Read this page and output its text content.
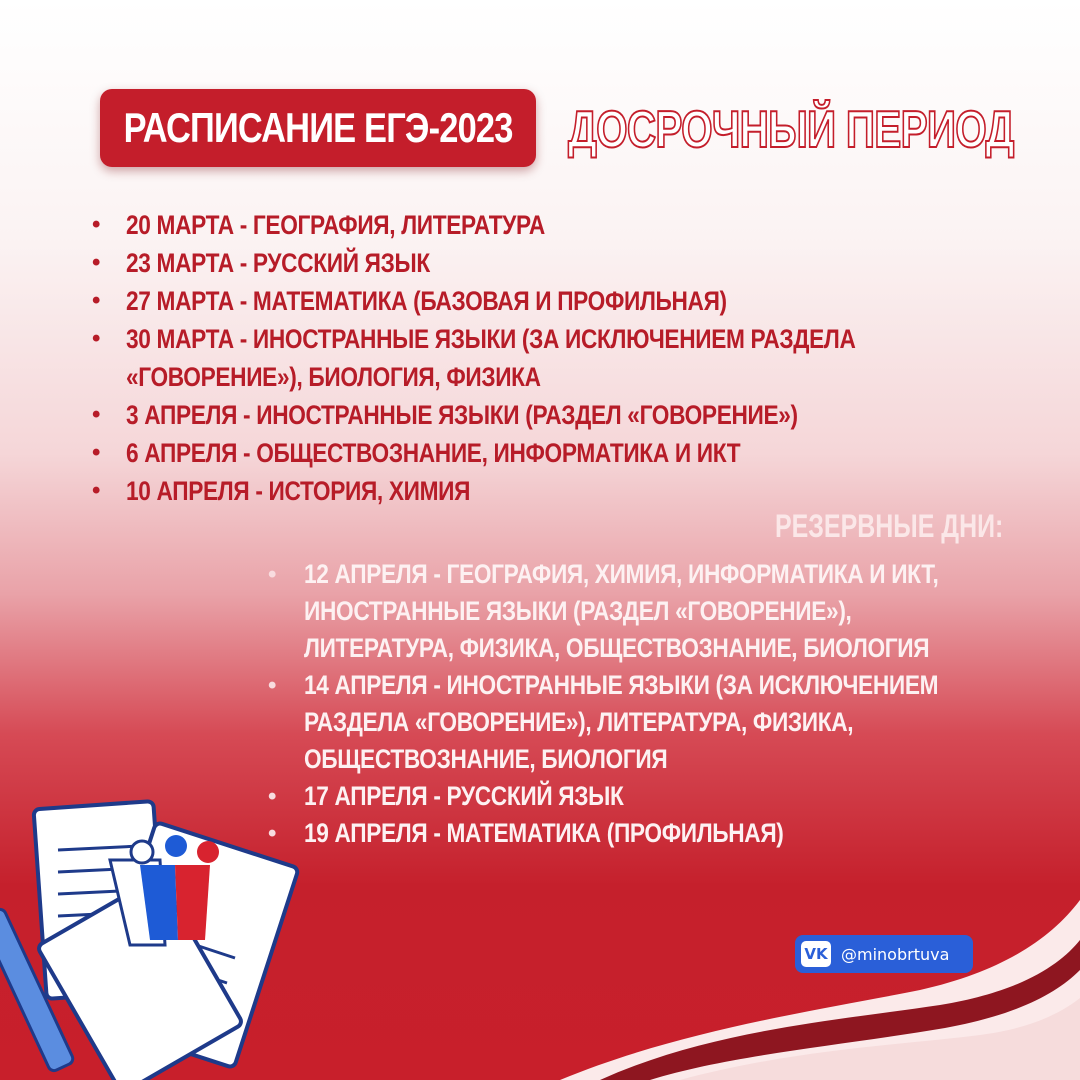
РАСПИСАНИЕ ЕГЭ-2023 ДОСРОЧНЫЙ ПЕРИОД
• 20 МАРТА - ГЕОГРАФИЯ, ЛИТЕРАТУРА
• 23 МАРТА - РУССКИЙ ЯЗЫК
• 27 МАРТА - МАТЕМАТИКА (БАЗОВАЯ И ПРОФИЛЬНАЯ)
• 30 МАРТА - ИНОСТРАННЫЕ ЯЗЫКИ (ЗА ИСКЛЮЧЕНИЕМ РАЗДЕЛА
«ГОВОРЕНИЕ»), БИОЛОГИЯ, ФИЗИКА
• 3 АПРЕЛЯ - ИНОСТРАННЫЕ ЯЗЫКИ (РАЗДЕЛ «ГОВОРЕНИЕ»)
• 6 АПРЕЛЯ - ОБЩЕСТВОЗНАНИЕ, ИНФОРМАТИКА И ИКТ
• 10 АПРЕЛЯ - ИСТОРИЯ, ХИМИЯ
РЕЗЕРВНЫЕ ДНИ:
• 12 АПРЕЛЯ - ГЕОГРАФИЯ, ХИМИЯ, ИНФОРМАТИКА И ИКТ,
ИНОСТРАННЫЕ ЯЗЫКИ (РАЗДЕЛ «ГОВОРЕНИЕ»),
ЛИТЕРАТУРА, ФИЗИКА, ОБЩЕСТВОЗНАНИЕ, БИОЛОГИЯ
• 14 АПРЕЛЯ - ИНОСТРАННЫЕ ЯЗЫКИ (ЗА ИСКЛЮЧЕНИЕМ
РАЗДЕЛА «ГОВОРЕНИЕ»), ЛИТЕРАТУРА, ФИЗИКА,
ОБЩЕСТВОЗНАНИЕ, БИОЛОГИЯ
• 17 АПРЕЛЯ - РУССКИЙ ЯЗЫК
• 19 АПРЕЛЯ - МАТЕМАТИКА (ПРОФИЛЬНАЯ)
VK @minobrtuva
